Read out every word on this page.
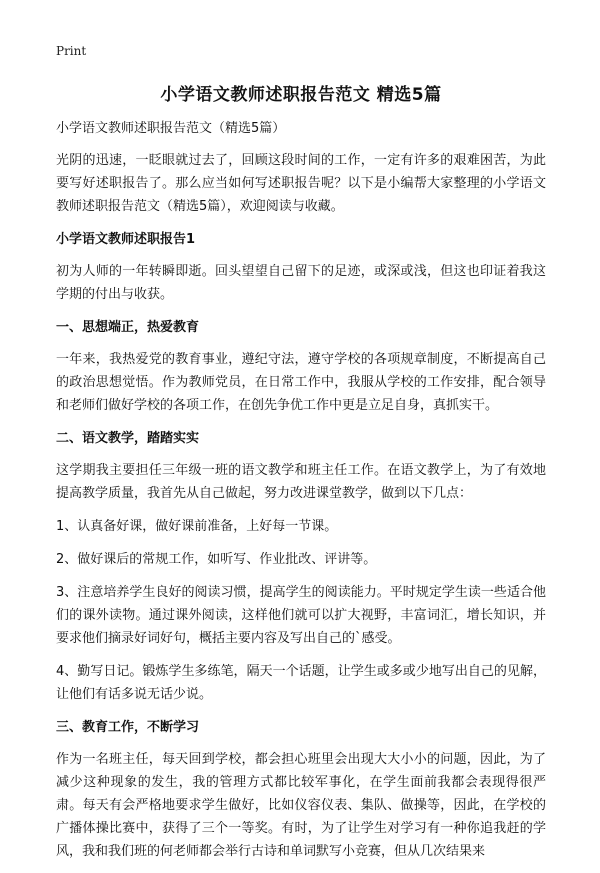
Print
小学语文教师述职报告范文 精选5篇

小学语文教师述职报告范文（精选5篇）

光阴的迅速，一眨眼就过去了，回顾这段时间的工作，一定有许多的艰难困苦，为此要写好述职报告了。那么应当如何写述职报告呢？以下是小编帮大家整理的小学语文教师述职报告范文（精选5篇），欢迎阅读与收藏。

小学语文教师述职报告1

初为人师的一年转瞬即逝。回头望望自己留下的足迹，或深或浅，但这也印证着我这学期的付出与收获。

一、思想端正，热爱教育

一年来，我热爱党的教育事业，遵纪守法，遵守学校的各项规章制度，不断提高自己的政治思想觉悟。作为教师党员，在日常工作中，我服从学校的工作安排，配合领导和老师们做好学校的各项工作，在创先争优工作中更是立足自身，真抓实干。

二、语文教学，踏踏实实

这学期我主要担任三年级一班的语文教学和班主任工作。在语文教学上，为了有效地提高教学质量，我首先从自己做起，努力改进课堂教学，做到以下几点：

1、认真备好课，做好课前准备，上好每一节课。

2、做好课后的常规工作，如听写、作业批改、评讲等。

3、注意培养学生良好的阅读习惯，提高学生的阅读能力。平时规定学生读一些适合他们的课外读物。通过课外阅读，这样他们就可以扩大视野，丰富词汇，增长知识，并要求他们摘录好词好句，概括主要内容及写出自己的`感受。

4、勤写日记。锻炼学生多练笔，隔天一个话题，让学生或多或少地写出自己的见解，让他们有话多说无话少说。

三、教育工作，不断学习

作为一名班主任，每天回到学校，都会担心班里会出现大大小小的问题，因此，为了减少这种现象的发生，我的管理方式都比较军事化，在学生面前我都会表现得很严肃。每天有会严格地要求学生做好，比如仪容仪表、集队、做操等，因此，在学校的广播体操比赛中，获得了三个一等奖。有时，为了让学生对学习有一种你追我赶的学风，我和我们班的何老师都会举行古诗和单词默写小竞赛，但从几次结果来
